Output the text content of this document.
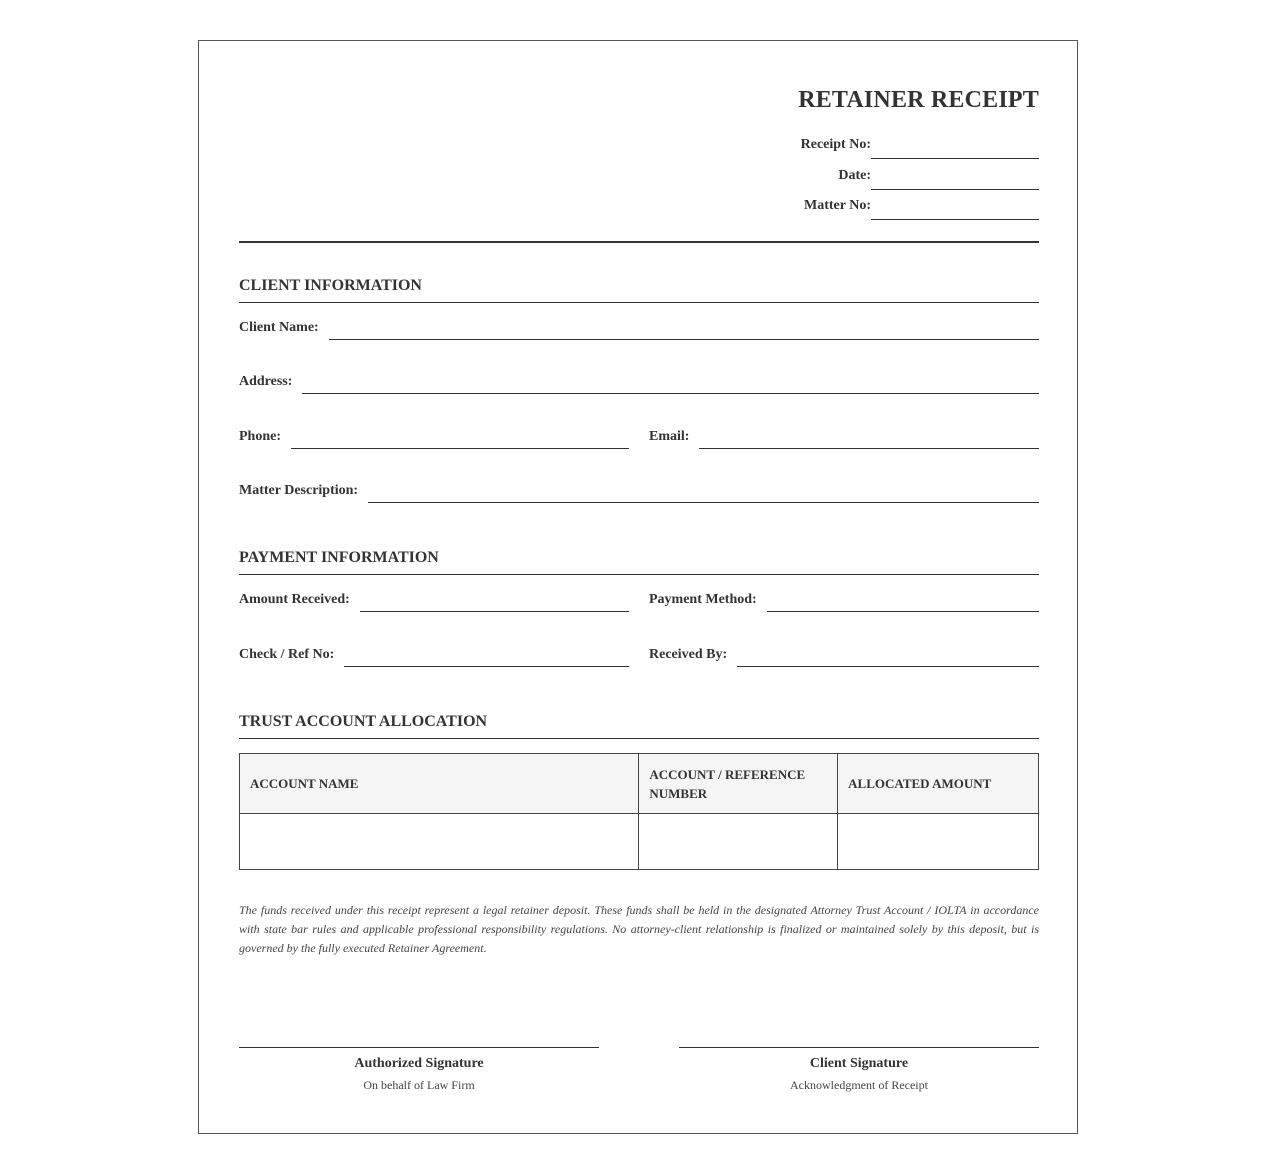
RETAINER RECEIPT
Receipt No:
Date:
Matter No:
CLIENT INFORMATION
Client Name:
Address:
Phone:	Email:
Matter Description:
PAYMENT INFORMATION
Amount Received:	Payment Method:
Check / Ref No:	Received By:
TRUST ACCOUNT ALLOCATION
ACCOUNT NAME	ACCOUNT / REFERENCE NUMBER	ALLOCATED AMOUNT

The funds received under this receipt represent a legal retainer deposit. These funds shall be held in the designated Attorney Trust Account / IOLTA in accordance with state bar rules and applicable professional responsibility regulations. No attorney-client relationship is finalized or maintained solely by this deposit, but is governed by the fully executed Retainer Agreement.
Authorized Signature
On behalf of Law Firm
Client Signature
Acknowledgment of Receipt
